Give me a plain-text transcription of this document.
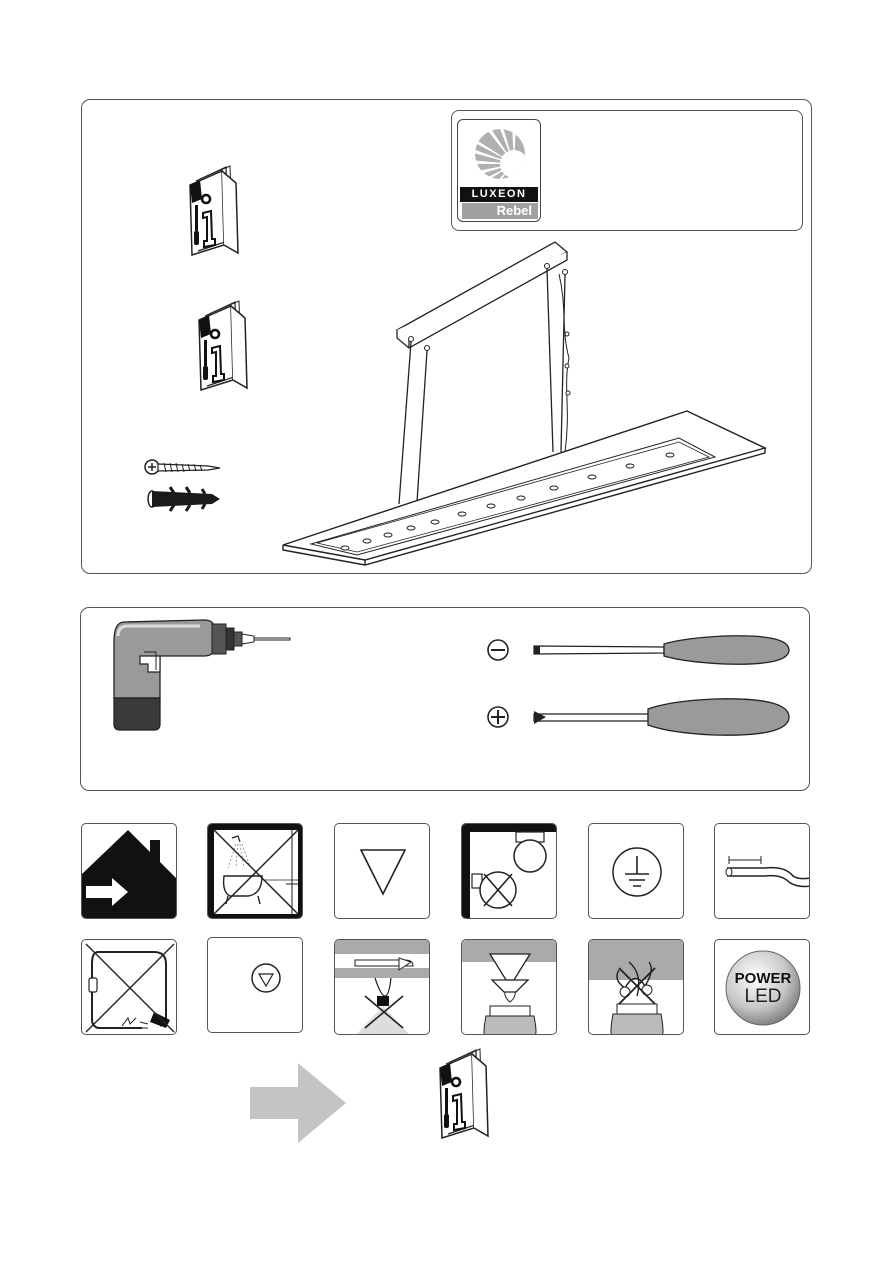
LUXEON
Rebel
POWER
LED
